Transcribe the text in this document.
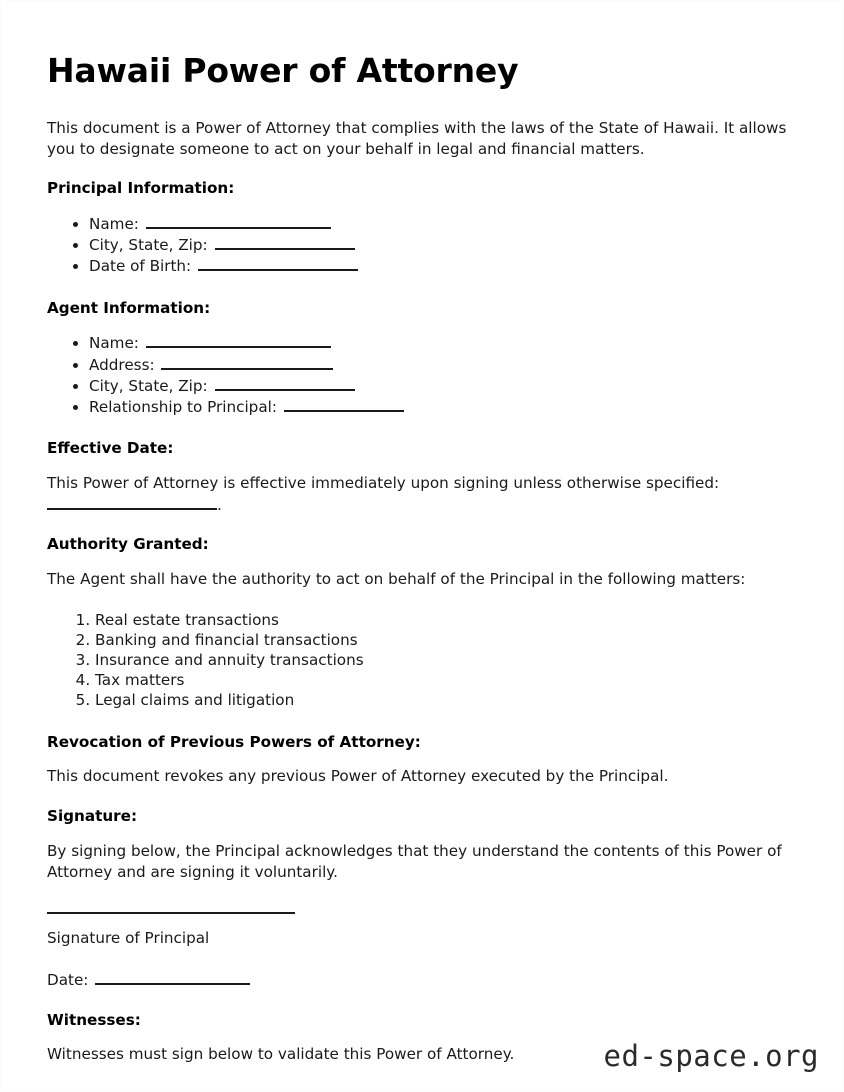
Hawaii Power of Attorney

This document is a Power of Attorney that complies with the laws of the State of Hawaii. It allows you to designate someone to act on your behalf in legal and financial matters.

Principal Information:
• Name:
• City, State, Zip:
• Date of Birth:
Agent Information:
• Name:
• Address:
• City, State, Zip:
• Relationship to Principal:
Effective Date:

This Power of Attorney is effective immediately upon signing unless otherwise specified: .

Authority Granted:

The Agent shall have the authority to act on behalf of the Principal in the following matters:

1. Real estate transactions
2. Banking and financial transactions
3. Insurance and annuity transactions
4. Tax matters
5. Legal claims and litigation
Revocation of Previous Powers of Attorney:

This document revokes any previous Power of Attorney executed by the Principal.

Signature:

By signing below, the Principal acknowledges that they understand the contents of this Power of Attorney and are signing it voluntarily.

Signature of Principal

Date:

Witnesses:

Witnesses must sign below to validate this Power of Attorney.	ed-space.org
